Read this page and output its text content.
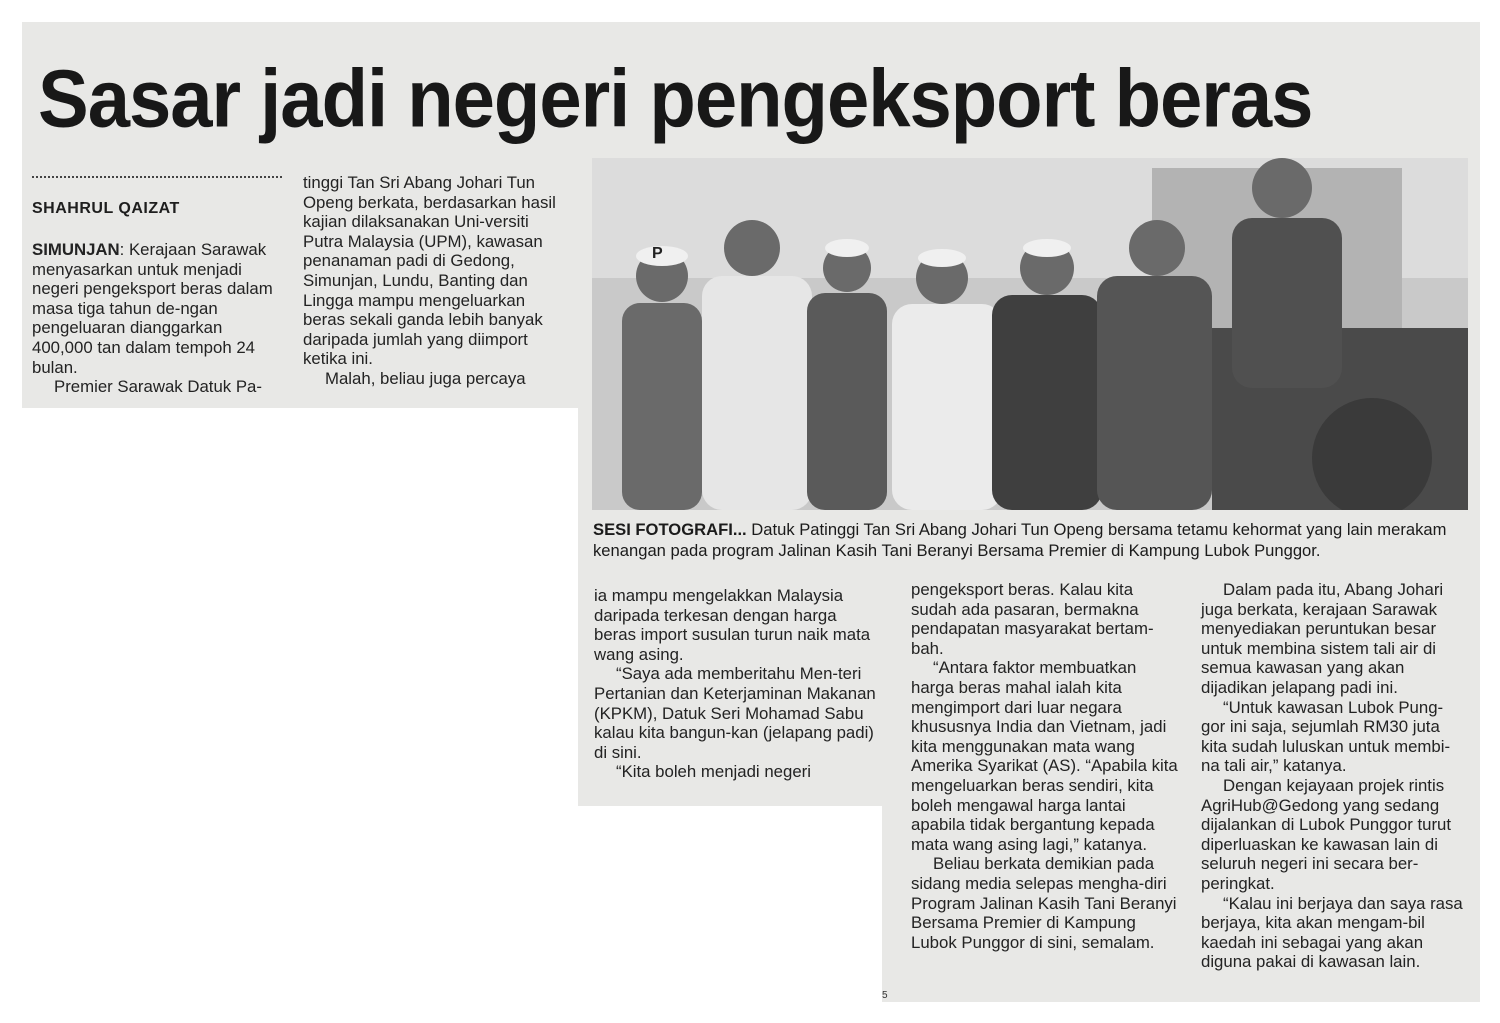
Sasar jadi negeri pengeksport beras
SHAHRUL QAIZAT

SIMUNJAN: Kerajaan Sarawak menyasarkan untuk menjadi negeri pengeksport beras dalam masa tiga tahun de-ngan pengeluaran dianggarkan 400,000 tan dalam tempoh 24 bulan.

Premier Sarawak Datuk Pa-

tinggi Tan Sri Abang Johari Tun Openg berkata, berdasarkan hasil kajian dilaksanakan Uni-versiti Putra Malaysia (UPM), kawasan penanaman padi di Gedong, Simunjan, Lundu, Banting dan Lingga mampu mengeluarkan beras sekali ganda lebih banyak daripada jumlah yang diimport ketika ini.

Malah, beliau juga percaya

P
SESI FOTOGRAFI... Datuk Patinggi Tan Sri Abang Johari Tun Openg bersama tetamu kehormat yang lain merakam kenangan pada program Jalinan Kasih Tani Beranyi Bersama Premier di Kampung Lubok Punggor.

ia mampu mengelakkan Malaysia daripada terkesan dengan harga beras import susulan turun naik mata wang asing.

“Saya ada memberitahu Men-teri Pertanian dan Keterjaminan Makanan (KPKM), Datuk Seri Mohamad Sabu kalau kita bangun-kan (jelapang padi) di sini.

“Kita boleh menjadi negeri

pengeksport beras. Kalau kita sudah ada pasaran, bermakna pendapatan masyarakat bertam-bah.

“Antara faktor membuatkan harga beras mahal ialah kita mengimport dari luar negara khususnya India dan Vietnam, jadi kita menggunakan mata wang Amerika Syarikat (AS). “Apabila kita mengeluarkan beras sendiri, kita boleh mengawal harga lantai apabila tidak bergantung kepada mata wang asing lagi,” katanya.

Beliau berkata demikian pada sidang media selepas mengha-diri Program Jalinan Kasih Tani Beranyi Bersama Premier di Kampung Lubok Punggor di sini, semalam.

Dalam pada itu, Abang Johari juga berkata, kerajaan Sarawak menyediakan peruntukan besar untuk membina sistem tali air di semua kawasan yang akan dijadikan jelapang padi ini.

“Untuk kawasan Lubok Pung-gor ini saja, sejumlah RM30 juta kita sudah luluskan untuk membi-na tali air,” katanya.

Dengan kejayaan projek rintis AgriHub@Gedong yang sedang dijalankan di Lubok Punggor turut diperluaskan ke kawasan lain di seluruh negeri ini secara ber-peringkat.

“Kalau ini berjaya dan saya rasa berjaya, kita akan mengam-bil kaedah ini sebagai yang akan diguna pakai di kawasan lain.

5
